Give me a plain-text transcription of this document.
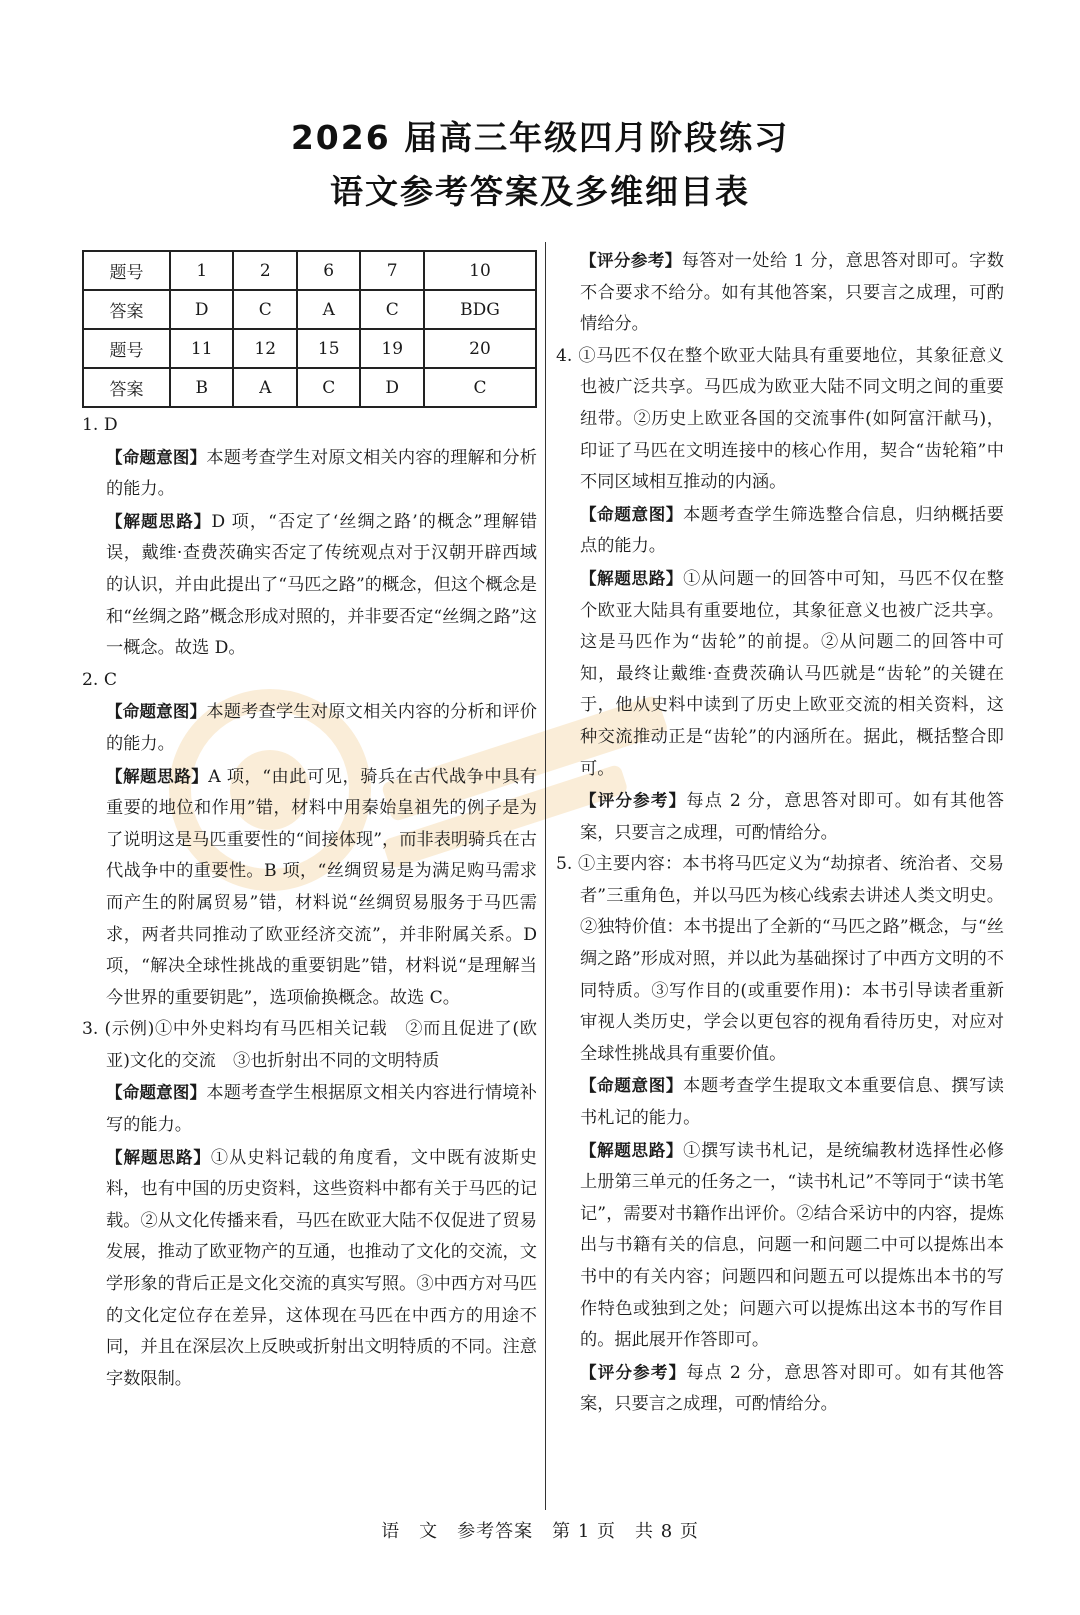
2026 届高三年级四月阶段练习
语文参考答案及多维细目表
题号	1	2	6	7	10
答案	D	C	A	C	BDG
题号	11	12	15	19	20
答案	B	A	C	D	C

1. D

【命题意图】本题考查学生对原文相关内容的理解和分析的能力。

【解题思路】D 项，“否定了‘丝绸之路’的概念”理解错误，戴维·查费茨确实否定了传统观点对于汉朝开辟西域的认识，并由此提出了“马匹之路”的概念，但这个概念是和“丝绸之路”概念形成对照的，并非要否定“丝绸之路”这一概念。故选 D。

2. C

【命题意图】本题考查学生对原文相关内容的分析和评价的能力。

【解题思路】A 项，“由此可见，骑兵在古代战争中具有重要的地位和作用”错，材料中用秦始皇祖先的例子是为了说明这是马匹重要性的“间接体现”，而非表明骑兵在古代战争中的重要性。B 项，“丝绸贸易是为满足购马需求而产生的附属贸易”错，材料说“丝绸贸易服务于马匹需求，两者共同推动了欧亚经济交流”，并非附属关系。D 项，“解决全球性挑战的重要钥匙”错，材料说“是理解当今世界的重要钥匙”，选项偷换概念。故选 C。

3. (示例)①中外史料均有马匹相关记载　②而且促进了(欧亚)文化的交流　③也折射出不同的文明特质

【命题意图】本题考查学生根据原文相关内容进行情境补写的能力。

【解题思路】①从史料记载的角度看，文中既有波斯史料，也有中国的历史资料，这些资料中都有关于马匹的记载。②从文化传播来看，马匹在欧亚大陆不仅促进了贸易发展，推动了欧亚物产的互通，也推动了文化的交流，文学形象的背后正是文化交流的真实写照。③中西方对马匹的文化定位存在差异，这体现在马匹在中西方的用途不同，并且在深层次上反映或折射出文明特质的不同。注意字数限制。

【评分参考】每答对一处给 1 分，意思答对即可。字数不合要求不给分。如有其他答案，只要言之成理，可酌情给分。

4. ①马匹不仅在整个欧亚大陆具有重要地位，其象征意义也被广泛共享。马匹成为欧亚大陆不同文明之间的重要纽带。②历史上欧亚各国的交流事件(如阿富汗献马)，印证了马匹在文明连接中的核心作用，契合“齿轮箱”中不同区域相互推动的内涵。

【命题意图】本题考查学生筛选整合信息，归纳概括要点的能力。

【解题思路】①从问题一的回答中可知，马匹不仅在整个欧亚大陆具有重要地位，其象征意义也被广泛共享。这是马匹作为“齿轮”的前提。②从问题二的回答中可知，最终让戴维·查费茨确认马匹就是“齿轮”的关键在于，他从史料中读到了历史上欧亚交流的相关资料，这种交流推动正是“齿轮”的内涵所在。据此，概括整合即可。

【评分参考】每点 2 分，意思答对即可。如有其他答案，只要言之成理，可酌情给分。

5. ①主要内容：本书将马匹定义为“劫掠者、统治者、交易者”三重角色，并以马匹为核心线索去讲述人类文明史。②独特价值：本书提出了全新的“马匹之路”概念，与“丝绸之路”形成对照，并以此为基础探讨了中西方文明的不同特质。③写作目的(或重要作用)：本书引导读者重新审视人类历史，学会以更包容的视角看待历史，对应对全球性挑战具有重要价值。

【命题意图】本题考查学生提取文本重要信息、撰写读书札记的能力。

【解题思路】①撰写读书札记，是统编教材选择性必修上册第三单元的任务之一，“读书札记”不等同于“读书笔记”，需要对书籍作出评价。②结合采访中的内容，提炼出与书籍有关的信息，问题一和问题二中可以提炼出本书中的有关内容；问题四和问题五可以提炼出本书的写作特色或独到之处；问题六可以提炼出这本书的写作目的。据此展开作答即可。

【评分参考】每点 2 分，意思答对即可。如有其他答案，只要言之成理，可酌情给分。

语　文　参考答案　第 1 页　共 8 页
